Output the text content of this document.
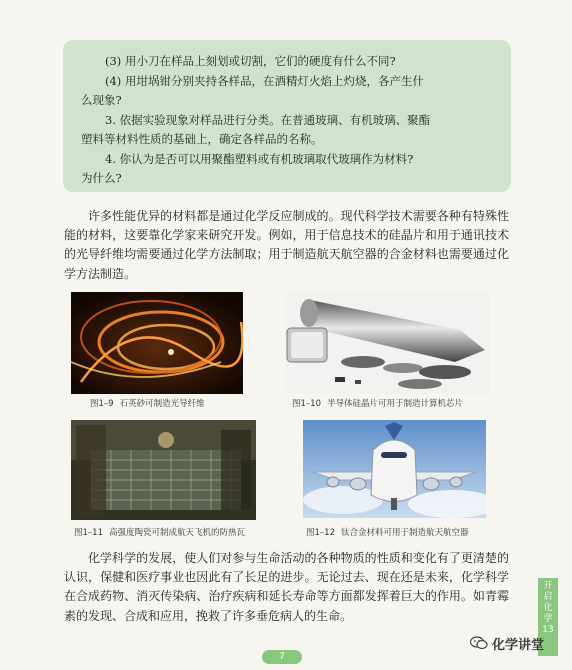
(3) 用小刀在样品上刻划或切割，它们的硬度有什么不同?

(4) 用坩埚钳分别夹持各样品，在酒精灯火焰上灼烧，各产生什

么现象?

3. 依据实验现象对样品进行分类。在普通玻璃、有机玻璃、聚酯

塑料等材料性质的基础上，确定各样品的名称。

4. 你认为是否可以用聚酯塑料或有机玻璃取代玻璃作为材料?

为什么?

许多性能优异的材料都是通过化学反应制成的。现代科学技术需要各种有特殊性能的材料，这要靠化学家来研究开发。例如，用于信息技术的硅晶片和用于通讯技术的光导纤维均需要通过化学方法制取；用于制造航天航空器的合金材料也需要通过化学方法制造。
图1–9 石英砂可制造光导纤维	图1–10 半导体硅晶片可用于制造计算机芯片
图1–11 高强度陶瓷可制成航天飞机的防热瓦	图1–12 钛合金材料可用于制造航天航空器
化学科学的发展，使人们对参与生命活动的各种物质的性质和变化有了更清楚的认识，保健和医疗事业也因此有了长足的进步。无论过去、现在还是未来，化学科学在合成药物、消灭传染病、治疗疾病和延长寿命等方面都发挥着巨大的作用。如青霉素的发现、合成和应用，挽救了许多垂危病人的生命。
开
启
化
学
13
7
化学讲堂
